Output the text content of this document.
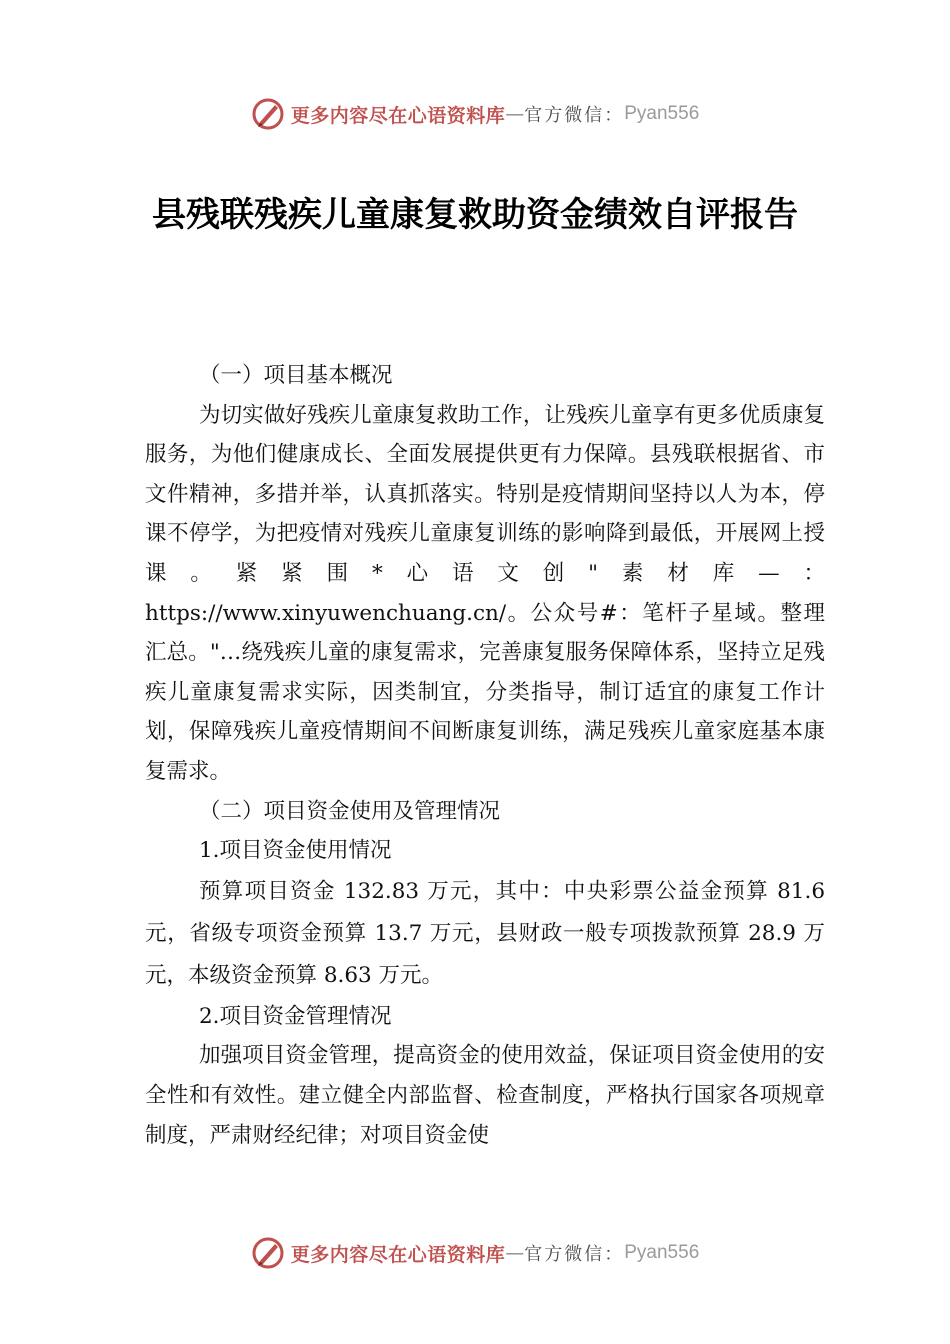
更多内容尽在心语资料库 — 官方微信： Pyan556
县残联残疾儿童康复救助资金绩效自评报告

（一）项目基本概况

为切实做好残疾儿童康复救助工作，让残疾儿童享有更多优质康复服务，为他们健康成长、全面发展提供更有力保障。县残联根据省、市文件精神，多措并举，认真抓落实。特别是疫情期间坚持以人为本，停课不停学，为把疫情对残疾儿童康复训练的影响降到最低，开展网上授课。紧紧围*心语文创"素材库—：https://www.xinyuwenchuang.cn/。公众号#：笔杆子星域。整理汇总。"…绕残疾儿童的康复需求，完善康复服务保障体系，坚持立足残疾儿童康复需求实际，因类制宜，分类指导，制订适宜的康复工作计划，保障残疾儿童疫情期间不间断康复训练，满足残疾儿童家庭基本康复需求。

（二）项目资金使用及管理情况

1.项目资金使用情况

预算项目资金 132.83 万元，其中：中央彩票公益金预算 81.6 元，省级专项资金预算 13.7 万元，县财政一般专项拨款预算 28.9 万元，本级资金预算 8.63 万元。

2.项目资金管理情况

加强项目资金管理，提高资金的使用效益，保证项目资金使用的安全性和有效性。建立健全内部监督、检查制度，严格执行国家各项规章制度，严肃财经纪律；对项目资金使

更多内容尽在心语资料库 — 官方微信： Pyan556
